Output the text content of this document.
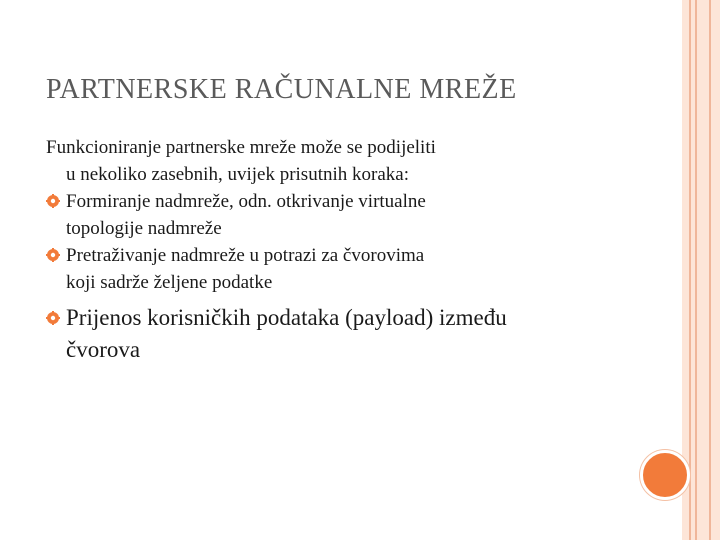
PARTNERSKE RAČUNALNE MREŽE

Funkcioniranje partnerske mreže može se podijeliti
u nekoliko zasebnih, uvijek prisutnih koraka:

Formiranje nadmreže, odn. otkrivanje virtualne
topologije nadmreže

Pretraživanje nadmreže u potrazi za čvorovima
koji sadrže željene podatke

Prijenos korisničkih podataka (payload) između
čvorova
